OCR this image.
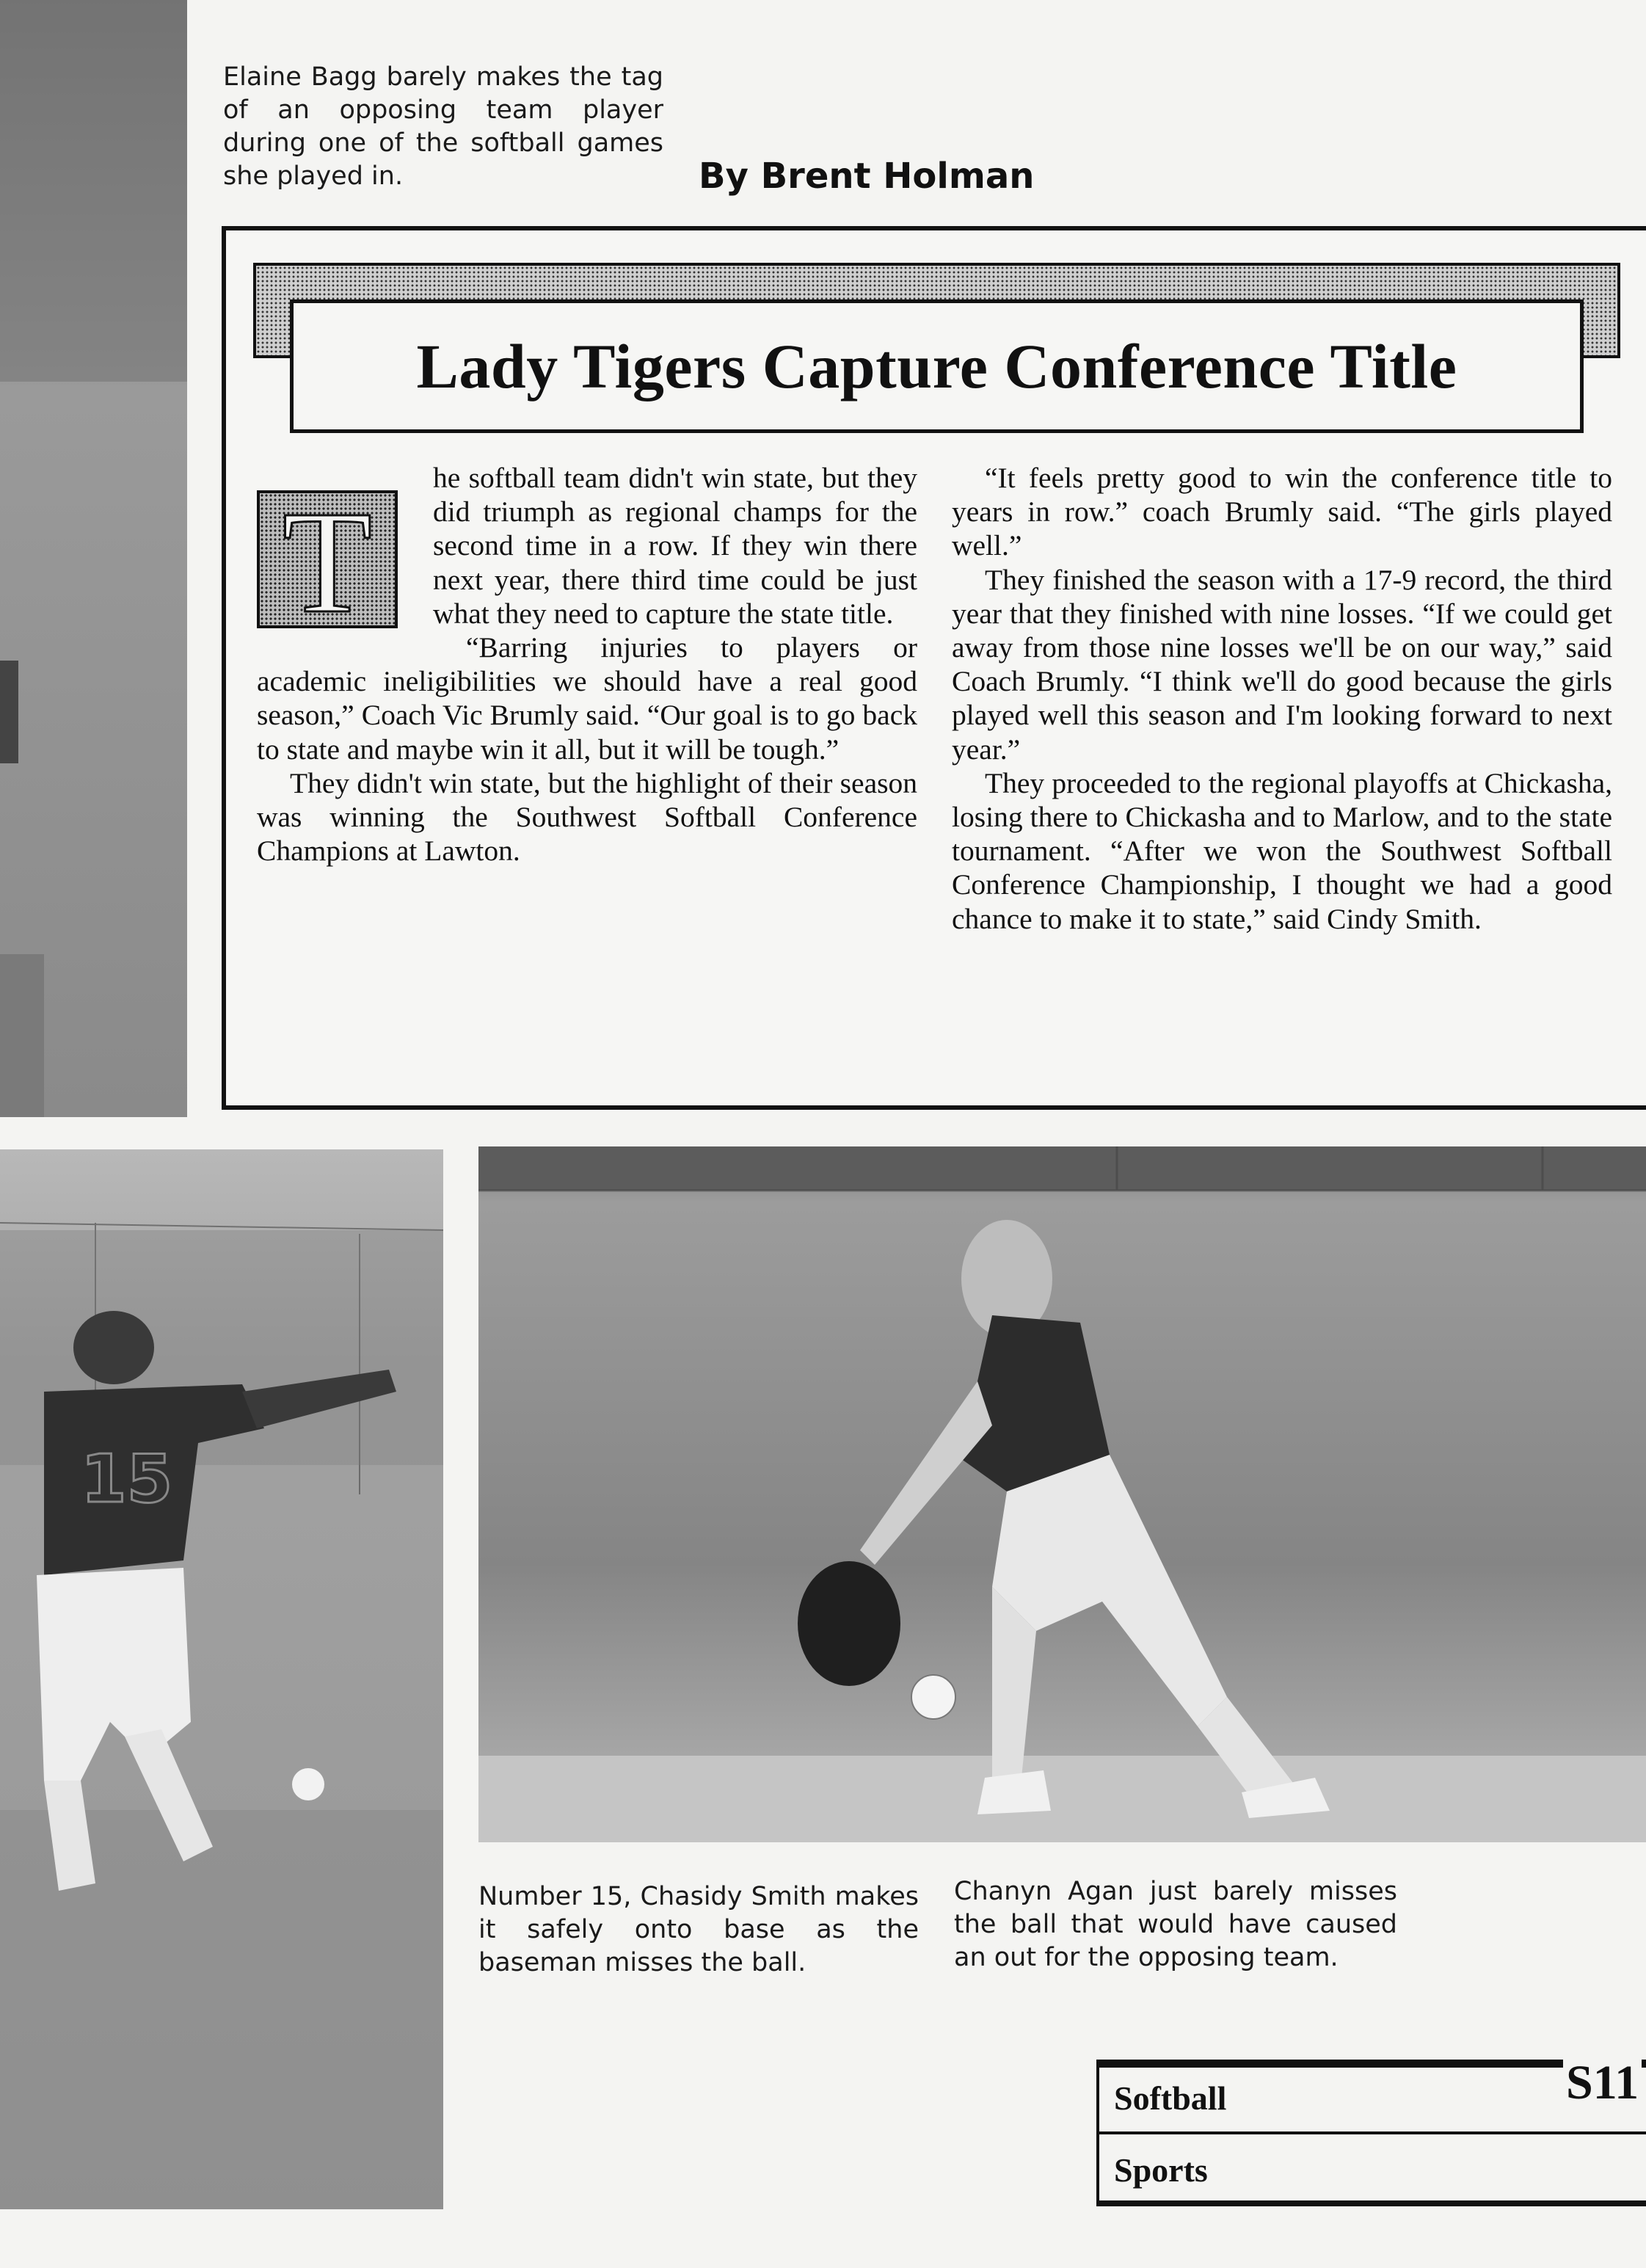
Elaine Bagg barely makes the tag of an opposing team player during one of the softball games she played in.	By Brent Holman
Lady Tigers Capture Conference Title
T

he softball team didn't win state, but they did triumph as regional champs for the second time in a row. If they win there next year, there third time could be just what they need to capture the state title.

“Barring injuries to players or academic ineligibilities we should have a real good season,” Coach Vic Brumly said. “Our goal is to go back to state and maybe win it all, but it will be tough.”

They didn't win state, but the highlight of their season was winning the Southwest Softball Conference Champions at Lawton.

“It feels pretty good to win the conference title to years in row.” coach Brumly said. “The girls played well.”

They finished the season with a 17-9 record, the third year that they finished with nine losses. “If we could get away from those nine losses we'll be on our way,” said Coach Brumly. “I think we'll do good because the girls played well this season and I'm looking forward to next year.”

They proceeded to the regional playoffs at Chickasha, losing there to Chickasha and to Marlow, and to the state tournament. “After we won the Southwest Softball Conference Championship, I thought we had a good chance to make it to state,” said Cindy Smith.

15

Number 15, Chasidy Smith makes it safely onto base as the baseman misses the ball.

Chanyn Agan just barely misses the ball that would have caused an out for the opposing team.

Softball
Sports
S11
